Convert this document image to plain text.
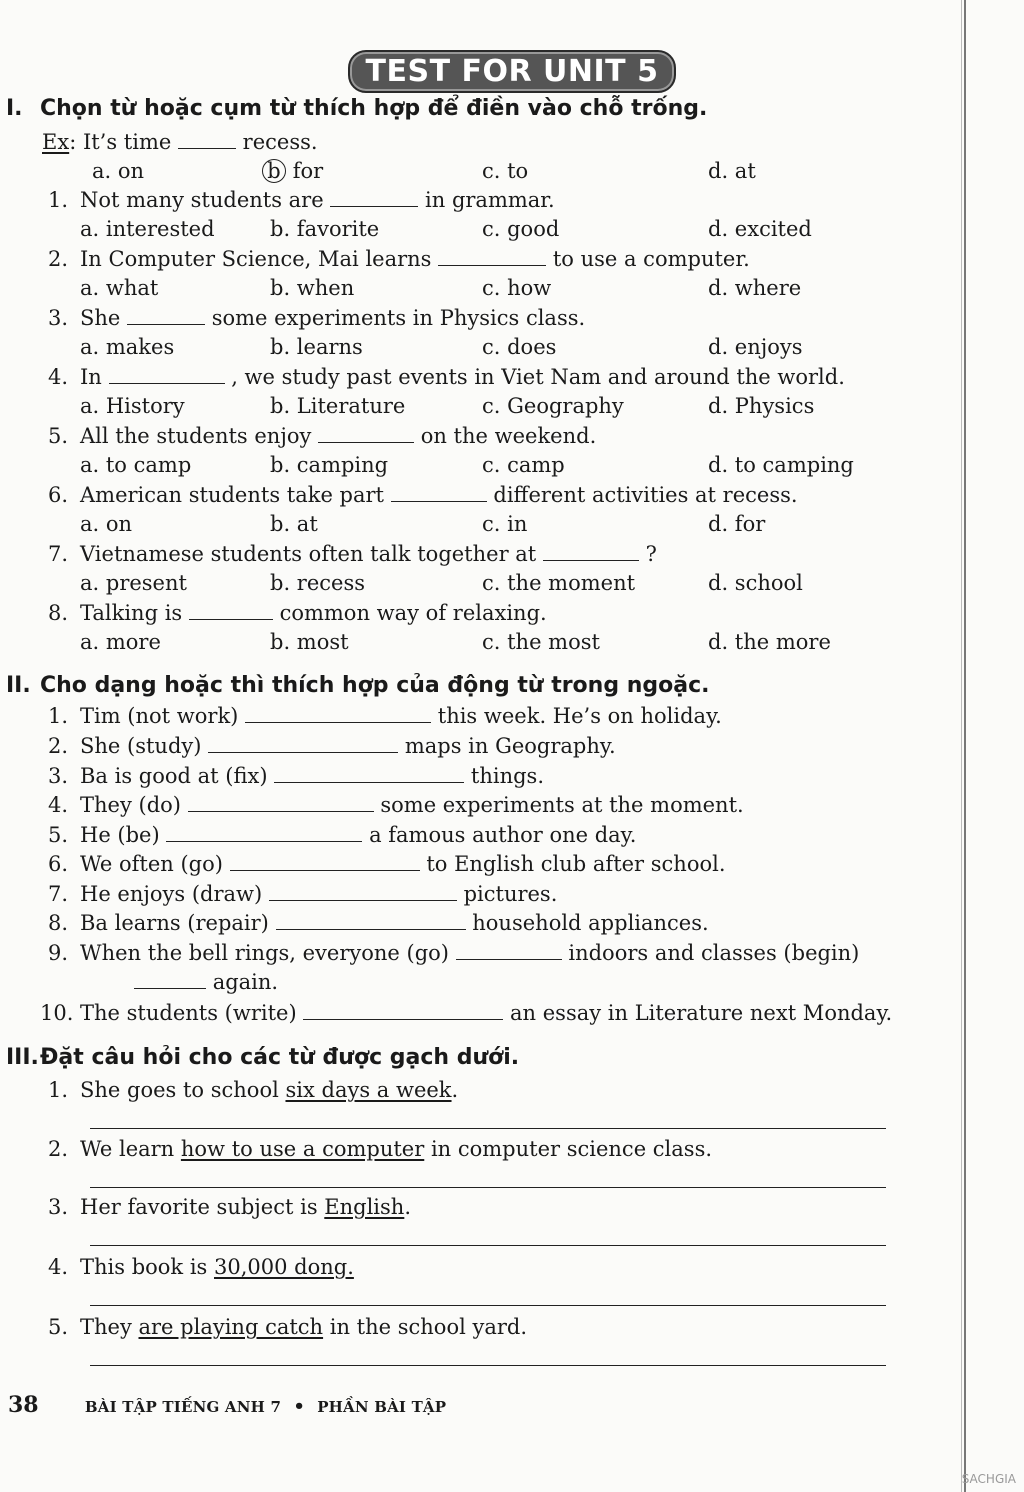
TEST FOR UNIT 5
I. Chọn từ hoặc cụm từ thích hợp để điền vào chỗ trống.
Ex: It’s time	recess.
a. on	b for	c. to	d. at
1. Not many students are	in grammar.
a. interested	b. favorite	c. good	d. excited
2. In Computer Science, Mai learns	to use a computer.
a. what	b. when	c. how	d. where
3. She	some experiments in Physics class.
a. makes	b. learns	c. does	d. enjoys
4. In	, we study past events in Viet Nam and around the world.
a. History	b. Literature	c. Geography	d. Physics
5. All the students enjoy	on the weekend.
a. to camp	b. camping	c. camp	d. to camping
6. American students take part	different activities at recess.
a. on	b. at	c. in	d. for
7. Vietnamese students often talk together at	?
a. present	b. recess	c. the moment	d. school
8. Talking is	common way of relaxing.
a. more	b. most	c. the most	d. the more
II. Cho dạng hoặc thì thích hợp của động từ trong ngoặc.
1. Tim (not work)	this week. He’s on holiday.
2. She (study)	maps in Geography.
3. Ba is good at (fix)	things.
4. They (do)	some experiments at the moment.
5. He (be)	a famous author one day.
6. We often (go)	to English club after school.
7. He enjoys (draw)	pictures.
8. Ba learns (repair)	household appliances.
9. When the bell rings, everyone (go)	indoors and classes (begin)
again.
10. The students (write)	an essay in Literature next Monday.
III.Đặt câu hỏi cho các từ được gạch dưới.
1. She goes to school six days a week.
2. We learn how to use a computer in computer science class.
3. Her favorite subject is English.
4. This book is 30,000 dong.
5. They are playing catch in the school yard.
38	BÀI TẬP TIẾNG ANH 7 • PHẦN BÀI TẬP
SACHGIA
